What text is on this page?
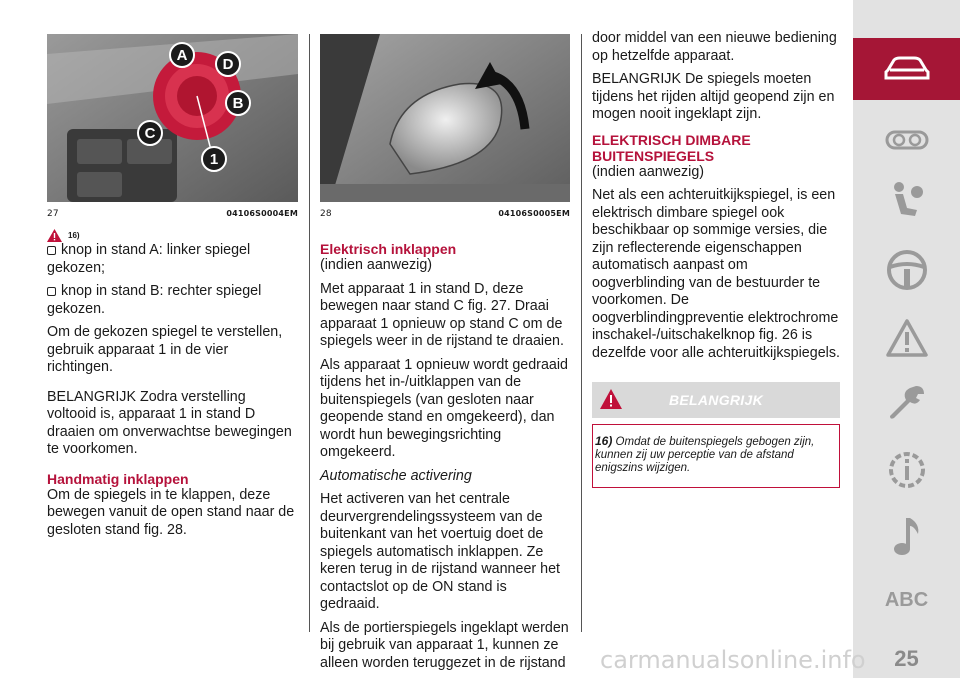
A
D
B
C
1
27	04106S0004EM
16)

knop in stand A: linker spiegel gekozen;

knop in stand B: rechter spiegel gekozen.

Om de gekozen spiegel te verstellen, gebruik apparaat 1 in de vier richtingen.

BELANGRIJK Zodra verstelling voltooid is, apparaat 1 in stand D draaien om onverwachtse bewegingen te voorkomen.

Handmatig inklappen

Om de spiegels in te klappen, deze bewegen vanuit de open stand naar de gesloten stand fig. 28.

28	04106S0005EM
Elektrisch inklappen

(indien aanwezig)

Met apparaat 1 in stand D, deze bewegen naar stand C fig. 27. Draai apparaat 1 opnieuw op stand C om de spiegels weer in de rijstand te draaien.

Als apparaat 1 opnieuw wordt gedraaid tijdens het in-/uitklappen van de buitenspiegels (van gesloten naar geopende stand en omgekeerd), dan wordt hun bewegingsrichting omgekeerd.

Automatische activering

Het activeren van het centrale deurvergrendelingssysteem van de buitenkant van het voertuig doet de spiegels automatisch inklappen. Ze keren terug in de rijstand wanneer het contactslot op de ON stand is gedraaid.

Als de portierspiegels ingeklapt werden bij gebruik van apparaat 1, kunnen ze alleen worden teruggezet in de rijstand

door middel van een nieuwe bediening op hetzelfde apparaat.

BELANGRIJK De spiegels moeten tijdens het rijden altijd geopend zijn en mogen nooit ingeklapt zijn.

ELEKTRISCH DIMBARE
BUITENSPIEGELS

(indien aanwezig)

Net als een achteruitkijkspiegel, is een elektrisch dimbare spiegel ook beschikbaar op sommige versies, die zijn reflecterende eigenschappen automatisch aanpast om oogverblinding van de bestuurder te voorkomen. De oogverblindingpreventie elektrochrome inschakel-/uitschakelknop fig. 26 is dezelfde voor alle achteruitkijkspiegels.

BELANGRIJK
16) Omdat de buitenspiegels gebogen zijn, kunnen zij uw perceptie van de afstand enigszins wijzigen.
ABC
25
carmanualsonline.info
